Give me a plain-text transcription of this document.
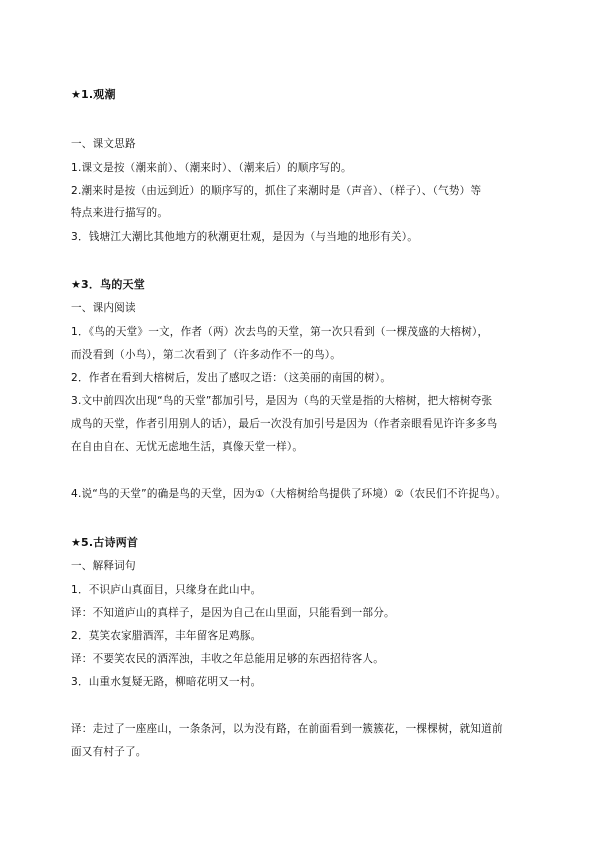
★1.观潮
一、课文思路
1.课文是按（潮来前）、（潮来时）、（潮来后）的顺序写的。
2.潮来时是按（由远到近）的顺序写的，抓住了来潮时是（声音）、（样子）、（气势）等
特点来进行描写的。
3．钱塘江大潮比其他地方的秋潮更壮观，是因为（与当地的地形有关）。
★3．鸟的天堂
一、课内阅读
1．《鸟的天堂》一文，作者（两）次去鸟的天堂，第一次只看到（一棵茂盛的大榕树），
而没看到（小鸟），第二次看到了（许多动作不一的鸟）。
2．作者在看到大榕树后，发出了感叹之语：（这美丽的南国的树）。
3.文中前四次出现“鸟的天堂”都加引号，是因为（鸟的天堂是指的大榕树，把大榕树夸张
成鸟的天堂，作者引用别人的话），最后一次没有加引号是因为（作者亲眼看见许许多多鸟
在自由自在、无忧无虑地生活，真像天堂一样）。
4.说“鸟的天堂”的确是鸟的天堂，因为①（大榕树给鸟提供了环境）②（农民们不许捉鸟）。
★5.古诗两首
一、解释词句
1．不识庐山真面目，只缘身在此山中。
译：不知道庐山的真样子，是因为自己在山里面，只能看到一部分。
2．莫笑农家腊酒浑，丰年留客足鸡豚。
译：不要笑农民的酒浑浊，丰收之年总能用足够的东西招待客人。
3．山重水复疑无路，柳暗花明又一村。
译：走过了一座座山，一条条河，以为没有路，在前面看到一簇簇花，一棵棵树，就知道前
面又有村子了。
